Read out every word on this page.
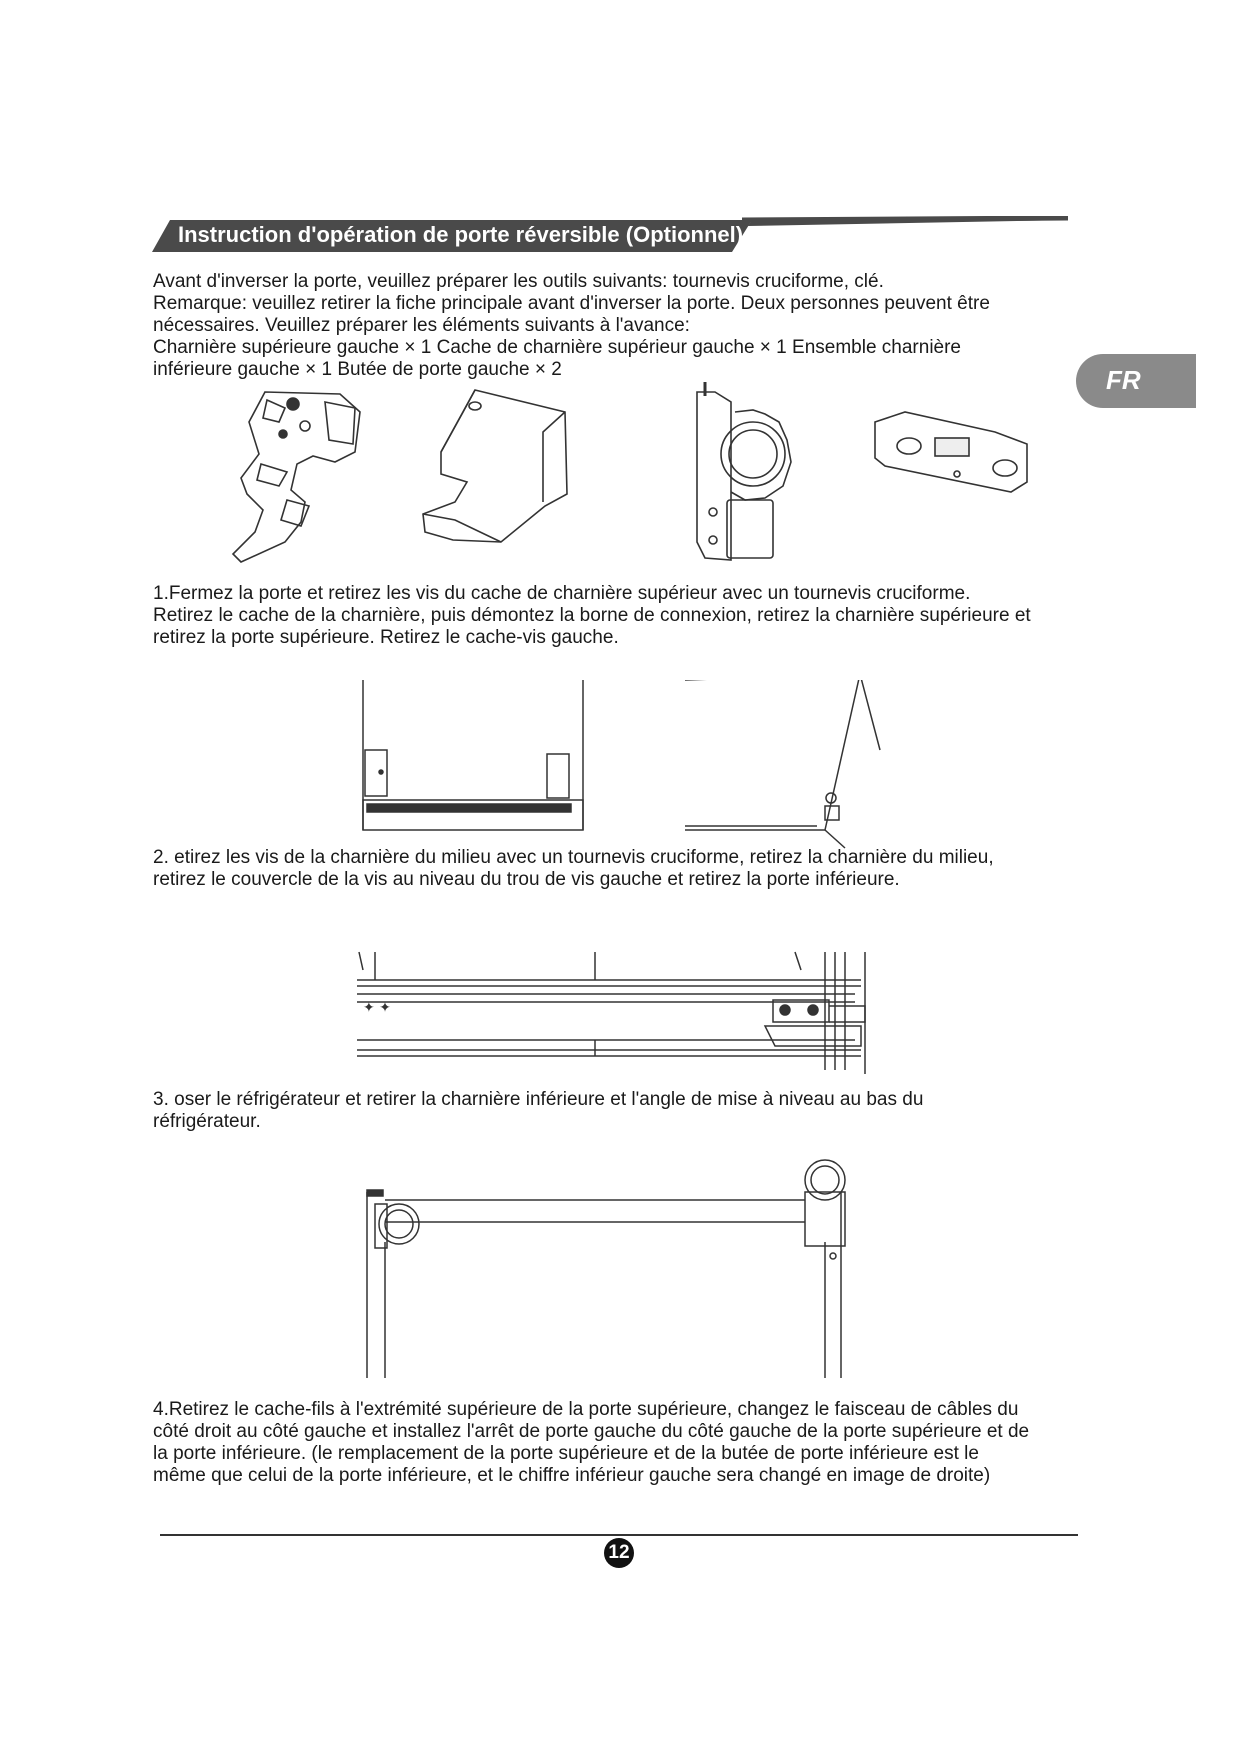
Instruction d'opération de porte réversible (Optionnel)
FR

Avant d'inverser la porte, veuillez préparer les outils suivants: tournevis cruciforme, clé.

Remarque: veuillez retirer la fiche principale avant d'inverser la porte. Deux personnes peuvent être nécessaires. Veuillez préparer les éléments suivants à l'avance:

Charnière supérieure gauche × 1 Cache de charnière supérieur gauche × 1 Ensemble charnière inférieure gauche × 1 Butée de porte gauche × 2

1.Fermez la porte et retirez les vis du cache de charnière supérieur avec un tournevis cruciforme. Retirez le cache de la charnière, puis démontez la borne de connexion, retirez la charnière supérieure et retirez la porte supérieure. Retirez le cache-vis gauche.

2. etirez les vis de la charnière du milieu avec un tournevis cruciforme, retirez la charnière du milieu, retirez le couvercle de la vis au niveau du trou de vis gauche et retirez la porte inférieure.

✦ ✦

3. oser le réfrigérateur et retirer la charnière inférieure et l'angle de mise à niveau au bas du réfrigérateur.

4.Retirez le cache-fils à l'extrémité supérieure de la porte supérieure, changez le faisceau de câbles du côté droit au côté gauche et installez l'arrêt de porte gauche du côté gauche de la porte supérieure et de la porte inférieure. (le remplacement de la porte supérieure et de la butée de porte inférieure est le même que celui de la porte inférieure, et le chiffre inférieur gauche sera changé en image de droite)

12
